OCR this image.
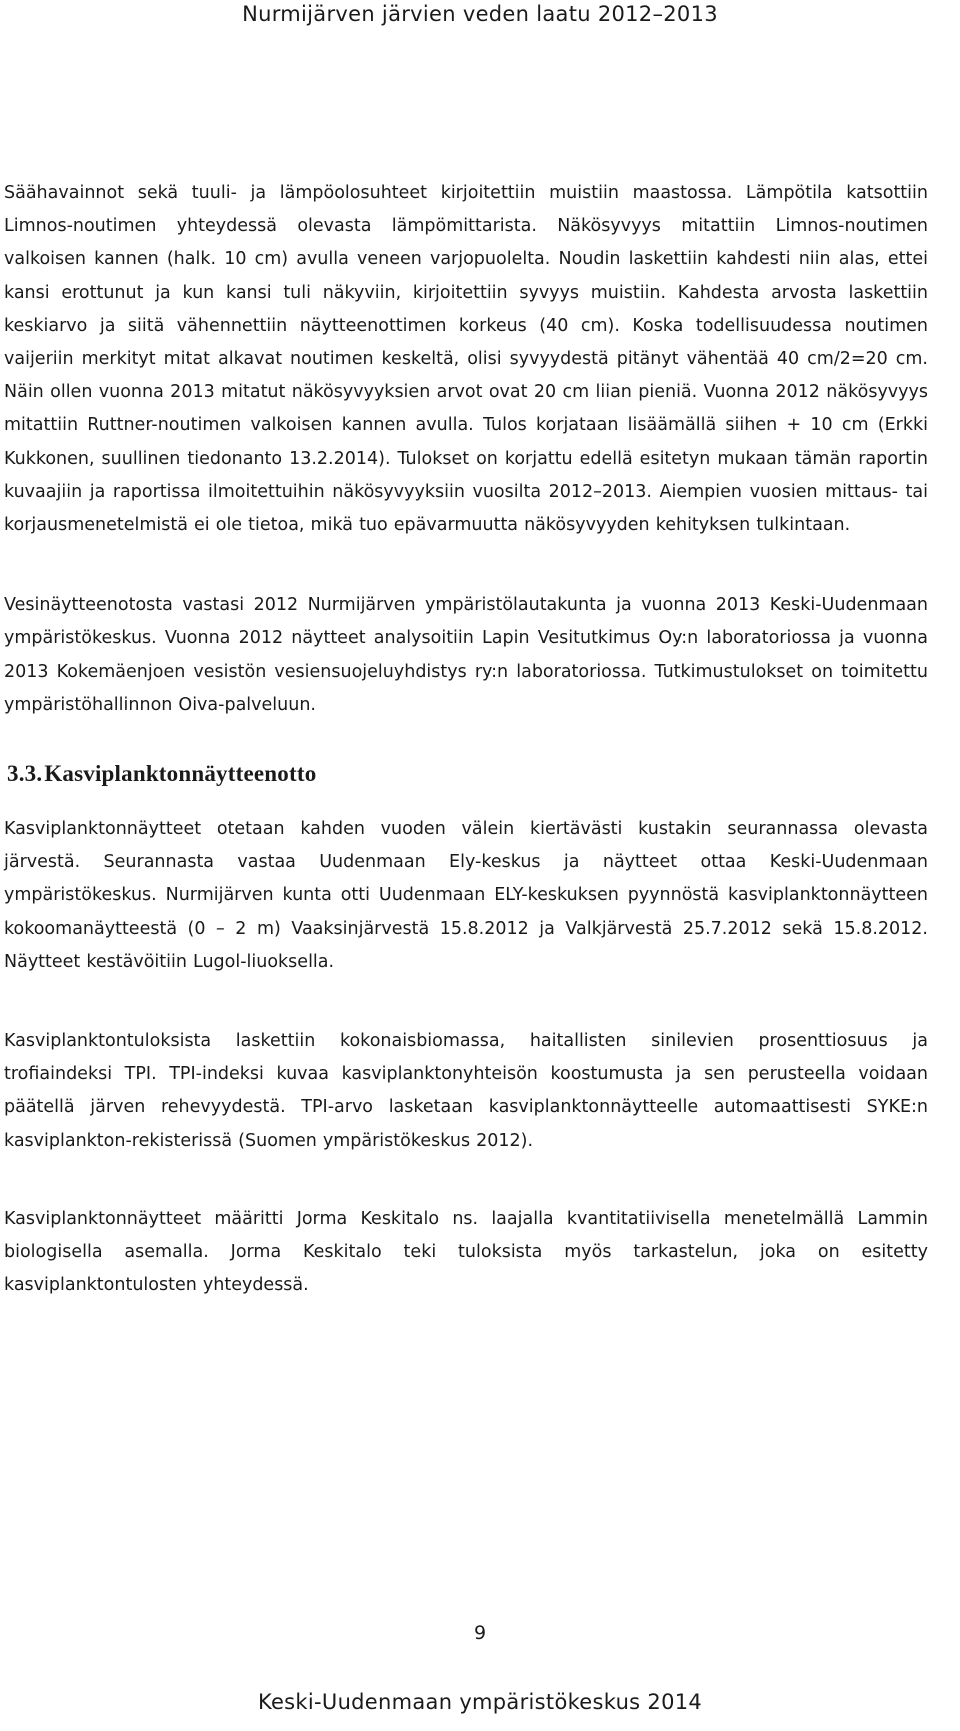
Nurmijärven järvien veden laatu 2012–2013

Säähavainnot sekä tuuli- ja lämpöolosuhteet kirjoitettiin muistiin maastossa. Lämpötila katsottiin Limnos-noutimen yhteydessä olevasta lämpömittarista. Näkösyvyys mitattiin Limnos-noutimen valkoisen kannen (halk. 10 cm) avulla veneen varjopuolelta. Noudin laskettiin kahdesti niin alas, ettei kansi erottunut ja kun kansi tuli näkyviin, kirjoitettiin syvyys muistiin. Kahdesta arvosta laskettiin keskiarvo ja siitä vähennettiin näytteenottimen korkeus (40 cm). Koska todellisuudessa noutimen vaijeriin merkityt mitat alkavat noutimen keskeltä, olisi syvyydestä pitänyt vähentää 40 cm/2=20 cm. Näin ollen vuonna 2013 mitatut näkösyvyyksien arvot ovat 20 cm liian pieniä. Vuonna 2012 näkösyvyys mitattiin Ruttner-noutimen valkoisen kannen avulla. Tulos korjataan lisäämällä siihen + 10 cm (Erkki Kukkonen, suullinen tiedonanto 13.2.2014). Tulokset on korjattu edellä esitetyn mukaan tämän raportin kuvaajiin ja raportissa ilmoitettuihin näkösyvyyksiin vuosilta 2012–2013. Aiempien vuosien mittaus- tai korjausmenetelmistä ei ole tietoa, mikä tuo epävarmuutta näkösyvyyden kehityksen tulkintaan.

Vesinäytteenotosta vastasi 2012 Nurmijärven ympäristölautakunta ja vuonna 2013 Keski-Uudenmaan ympäristökeskus. Vuonna 2012 näytteet analysoitiin Lapin Vesitutkimus Oy:n laboratoriossa ja vuonna 2013 Kokemäenjoen vesistön vesiensuojeluyhdistys ry:n laboratoriossa. Tutkimustulokset on toimitettu ympäristöhallinnon Oiva-palveluun.

3.3.Kasviplanktonnäytteenotto

Kasviplanktonnäytteet otetaan kahden vuoden välein kiertävästi kustakin seurannassa olevasta järvestä. Seurannasta vastaa Uudenmaan Ely-keskus ja näytteet ottaa Keski-Uudenmaan ympäristökeskus. Nurmijärven kunta otti Uudenmaan ELY-keskuksen pyynnöstä kasviplanktonnäytteen kokoomanäytteestä (0 – 2 m) Vaaksinjärvestä 15.8.2012 ja Valkjärvestä 25.7.2012 sekä 15.8.2012. Näytteet kestävöitiin Lugol-liuoksella.

Kasviplanktontuloksista laskettiin kokonaisbiomassa, haitallisten sinilevien prosenttiosuus ja trofiaindeksi TPI. TPI-indeksi kuvaa kasviplanktonyhteisön koostumusta ja sen perusteella voidaan päätellä järven rehevyydestä. TPI-arvo lasketaan kasviplanktonnäytteelle automaattisesti SYKE:n kasviplankton-rekisterissä (Suomen ympäristökeskus 2012).

Kasviplanktonnäytteet määritti Jorma Keskitalo ns. laajalla kvantitatiivisella menetelmällä Lammin biologisella asemalla. Jorma Keskitalo teki tuloksista myös tarkastelun, joka on esitetty kasviplanktontulosten yhteydessä.

9
Keski-Uudenmaan ympäristökeskus 2014
